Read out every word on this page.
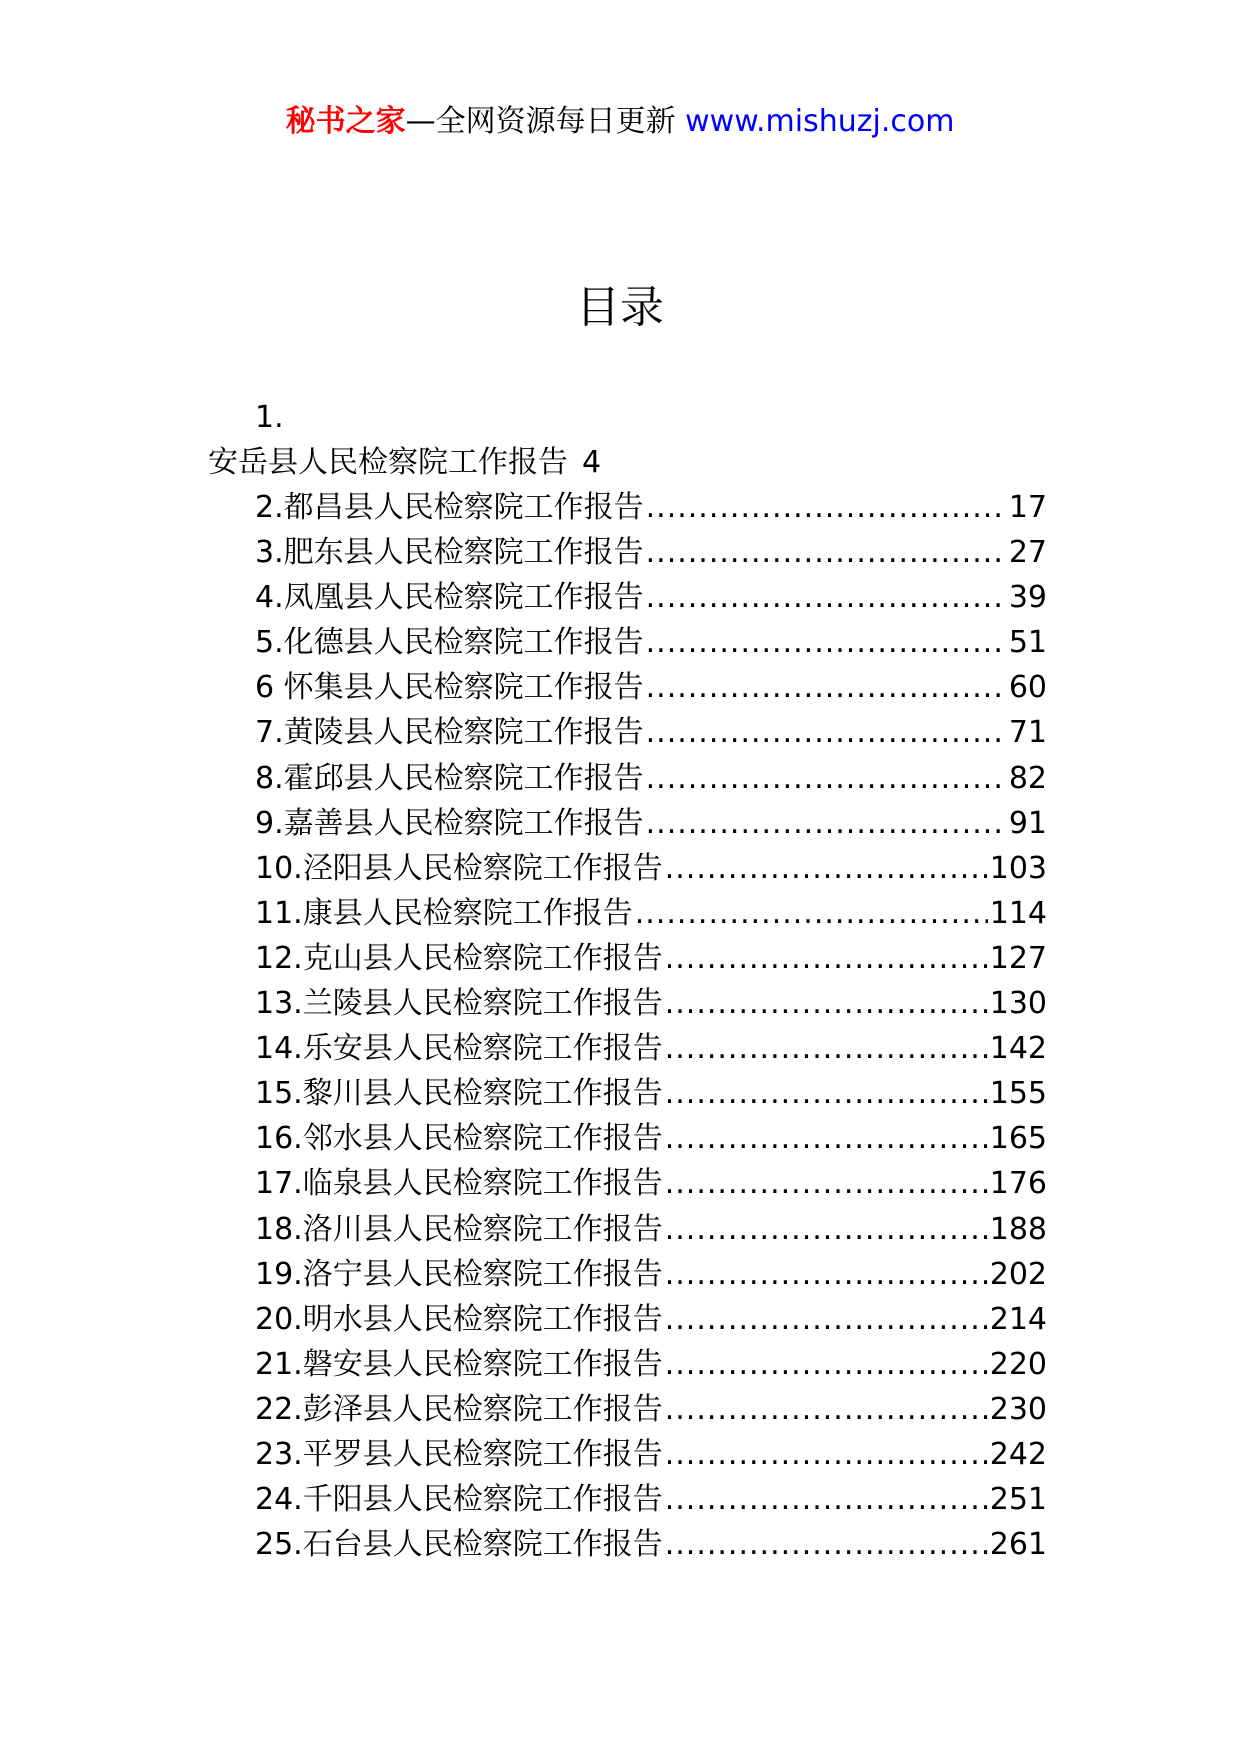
秘书之家—全网资源每日更新 www.mishuzj.com
目录
1.
安岳县人民检察院工作报告 4
2.都昌县人民检察院工作报告 .....	17
3.肥东县人民检察院工作报告 .....	27
4.凤凰县人民检察院工作报告 .....	39
5.化德县人民检察院工作报告 .....	51
6 怀集县人民检察院工作报告 .....	60
7.黄陵县人民检察院工作报告 .....	71
8.霍邱县人民检察院工作报告 .....	82
9.嘉善县人民检察院工作报告 .....	91
10.泾阳县人民检察院工作报告 .....	103
11.康县人民检察院工作报告 .....	114
12.克山县人民检察院工作报告 .....	127
13.兰陵县人民检察院工作报告 .....	130
14.乐安县人民检察院工作报告 .....	142
15.黎川县人民检察院工作报告 .....	155
16.邻水县人民检察院工作报告 .....	165
17.临泉县人民检察院工作报告 .....	176
18.洛川县人民检察院工作报告 .....	188
19.洛宁县人民检察院工作报告 .....	202
20.明水县人民检察院工作报告 .....	214
21.磐安县人民检察院工作报告 .....	220
22.彭泽县人民检察院工作报告 .....	230
23.平罗县人民检察院工作报告 .....	242
24.千阳县人民检察院工作报告 .....	251
25.石台县人民检察院工作报告 .....	261
